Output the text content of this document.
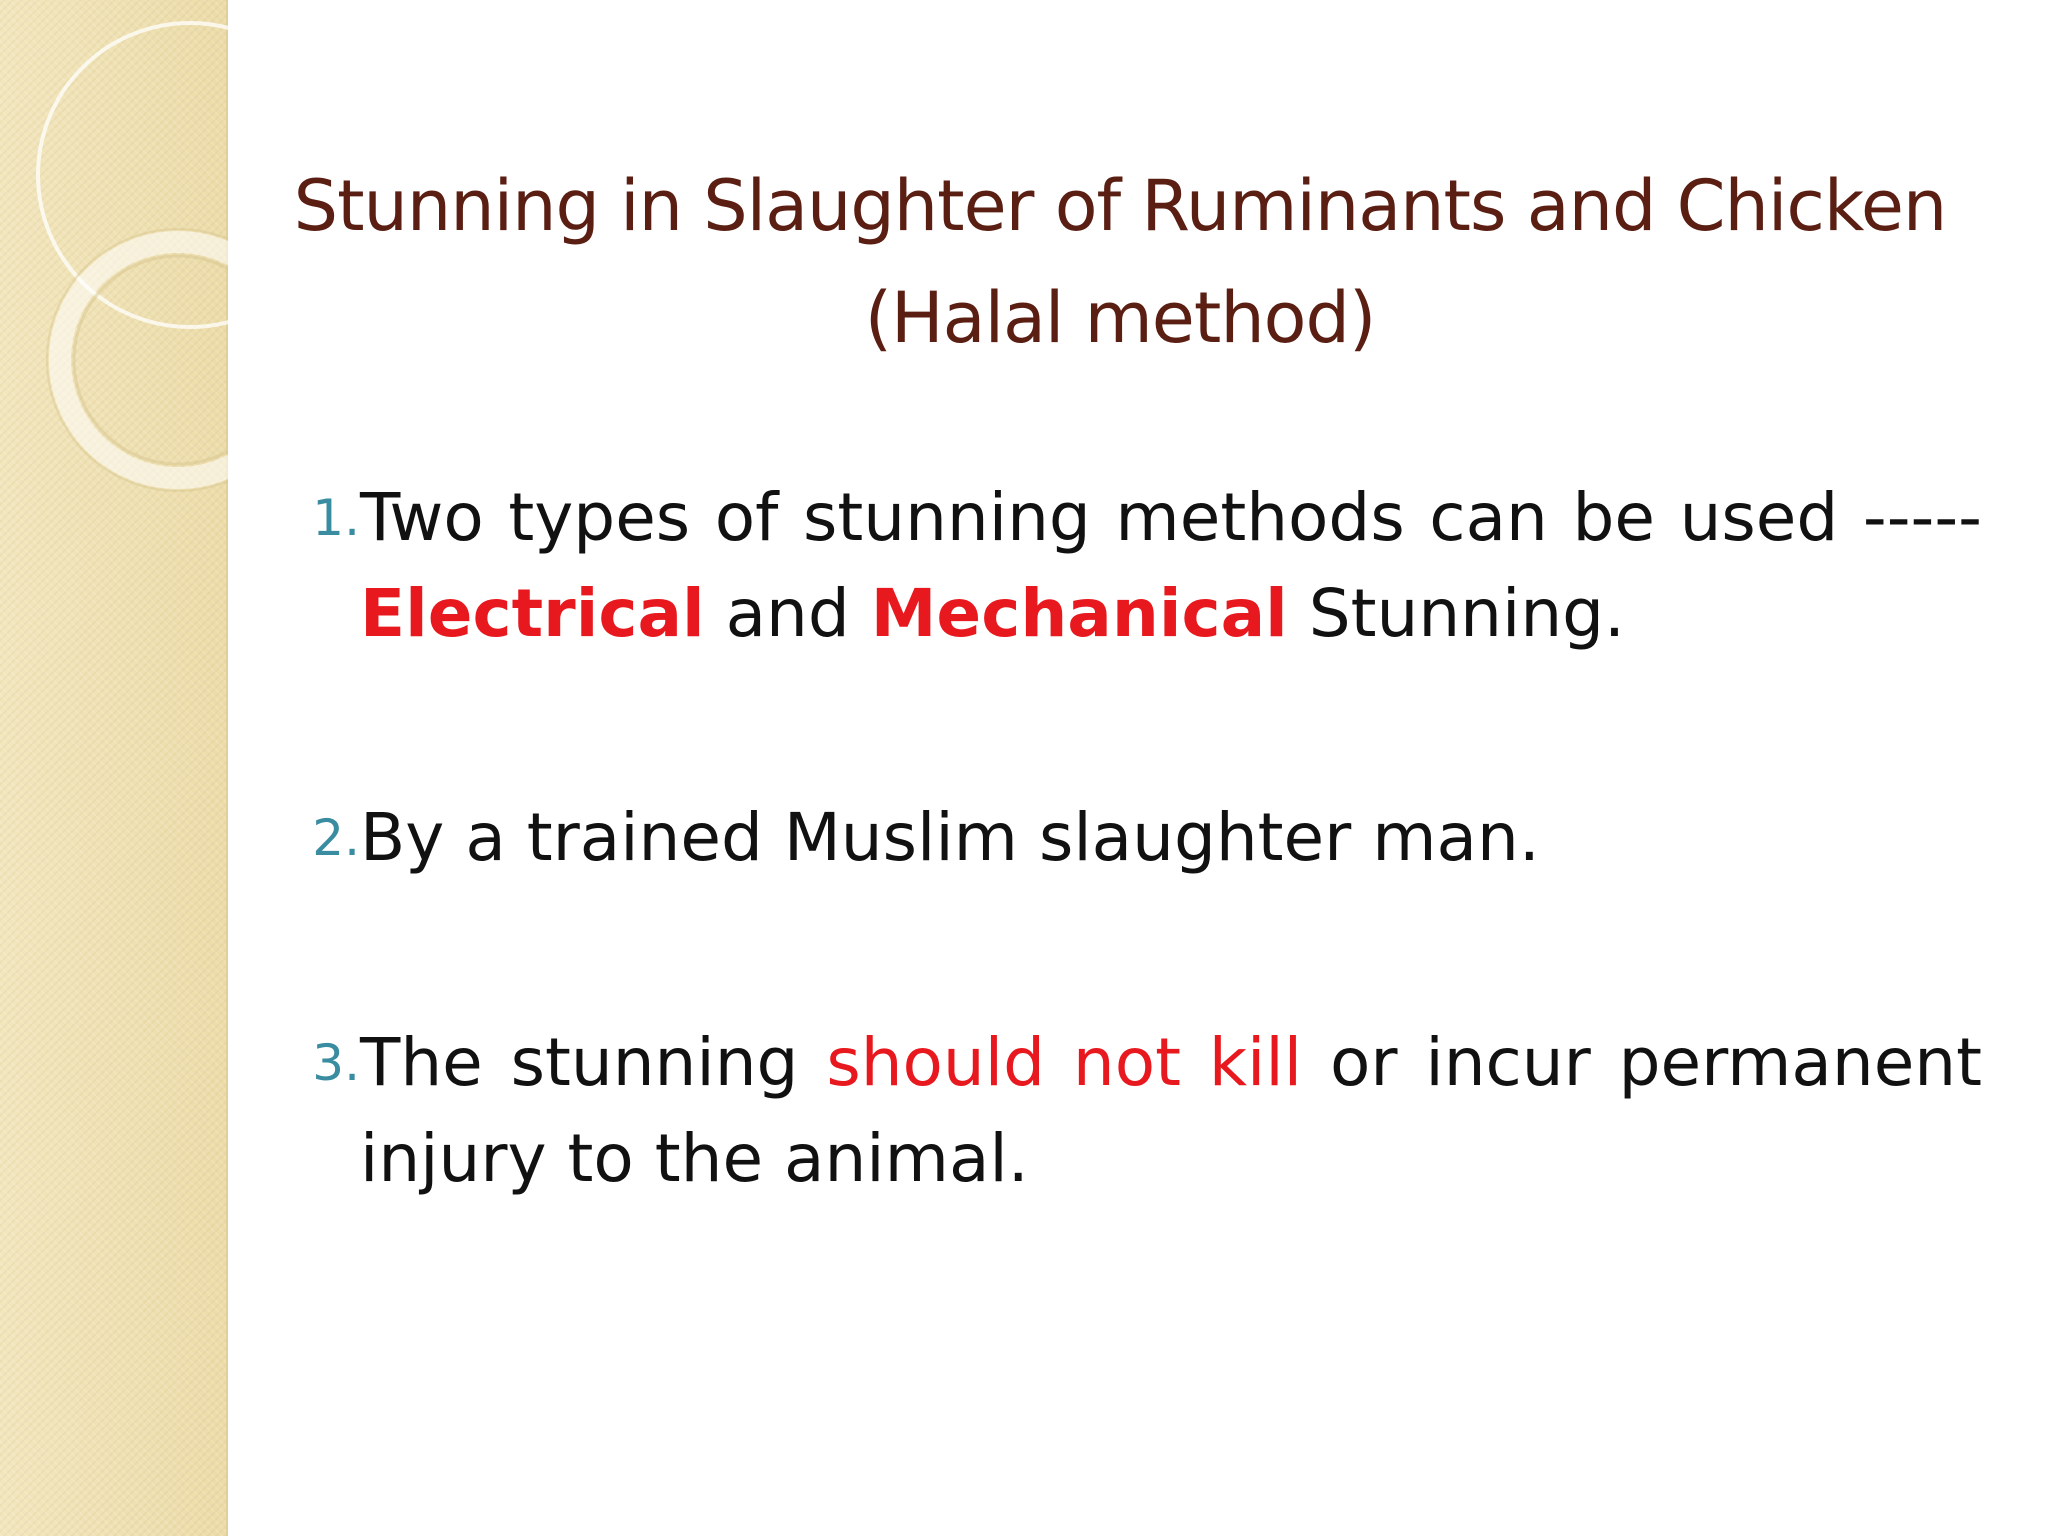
Stunning in Slaughter of Ruminants and Chicken (Halal method)
1. Two types of stunning methods can be used ----- Electrical and Mechanical Stunning.

2. By a trained Muslim slaughter man.

3. The stunning should not kill or incur permanent injury to the animal.
